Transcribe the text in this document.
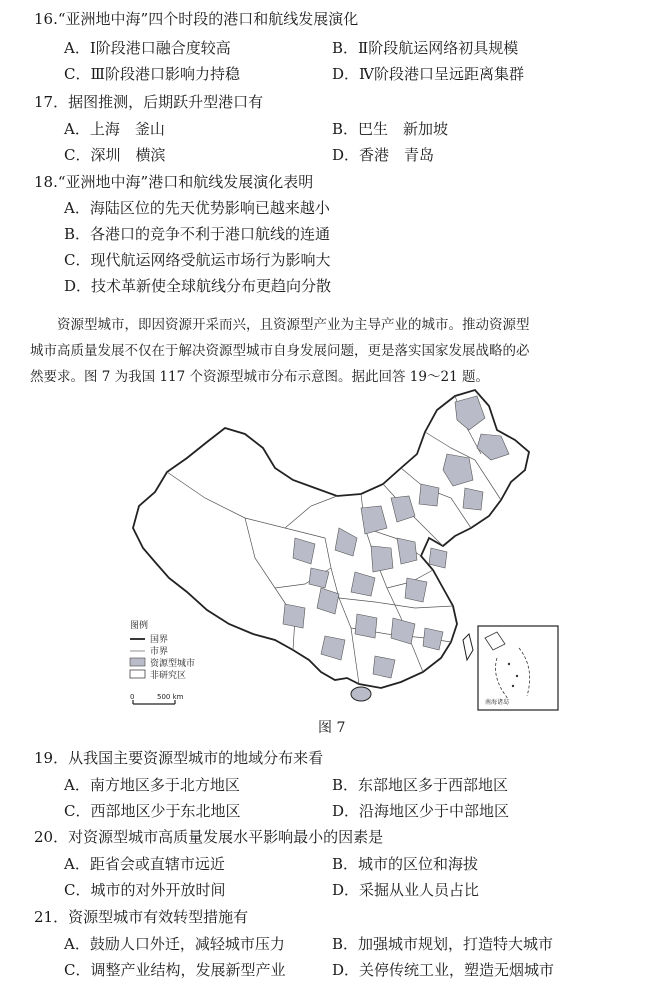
16.“亚洲地中海”四个时段的港口和航线发展演化
A．Ⅰ阶段港口融合度较高	B．Ⅱ阶段航运网络初具规模
C．Ⅲ阶段港口影响力持稳	D．Ⅳ阶段港口呈远距离集群
17．据图推测，后期跃升型港口有
A．上海　釜山	B．巴生　新加坡
C．深圳　横滨	D．香港　青岛
18.“亚洲地中海”港口和航线发展演化表明
A．海陆区位的先天优势影响已越来越小
B．各港口的竞争不利于港口航线的连通
C．现代航运网络受航运市场行为影响大
D．技术革新使全球航线分布更趋向分散

资源型城市，即因资源开采而兴，且资源型产业为主导产业的城市。推动资源型

城市高质量发展不仅在于解决资源型城市自身发展问题，更是落实国家发展战略的必

然要求。图 7 为我国 117 个资源型城市分布示意图。据此回答 19～21 题。

南海诸岛
图例
国界
市界
资源型城市
非研究区
0	500 km
图 7
19．从我国主要资源型城市的地域分布来看
A．南方地区多于北方地区	B．东部地区多于西部地区
C．西部地区少于东北地区	D．沿海地区少于中部地区
20．对资源型城市高质量发展水平影响最小的因素是
A．距省会或直辖市远近	B．城市的区位和海拔
C．城市的对外开放时间	D．采掘从业人员占比
21．资源型城市有效转型措施有
A．鼓励人口外迁，减轻城市压力	B．加强城市规划，打造特大城市
C．调整产业结构，发展新型产业	D．关停传统工业，塑造无烟城市
